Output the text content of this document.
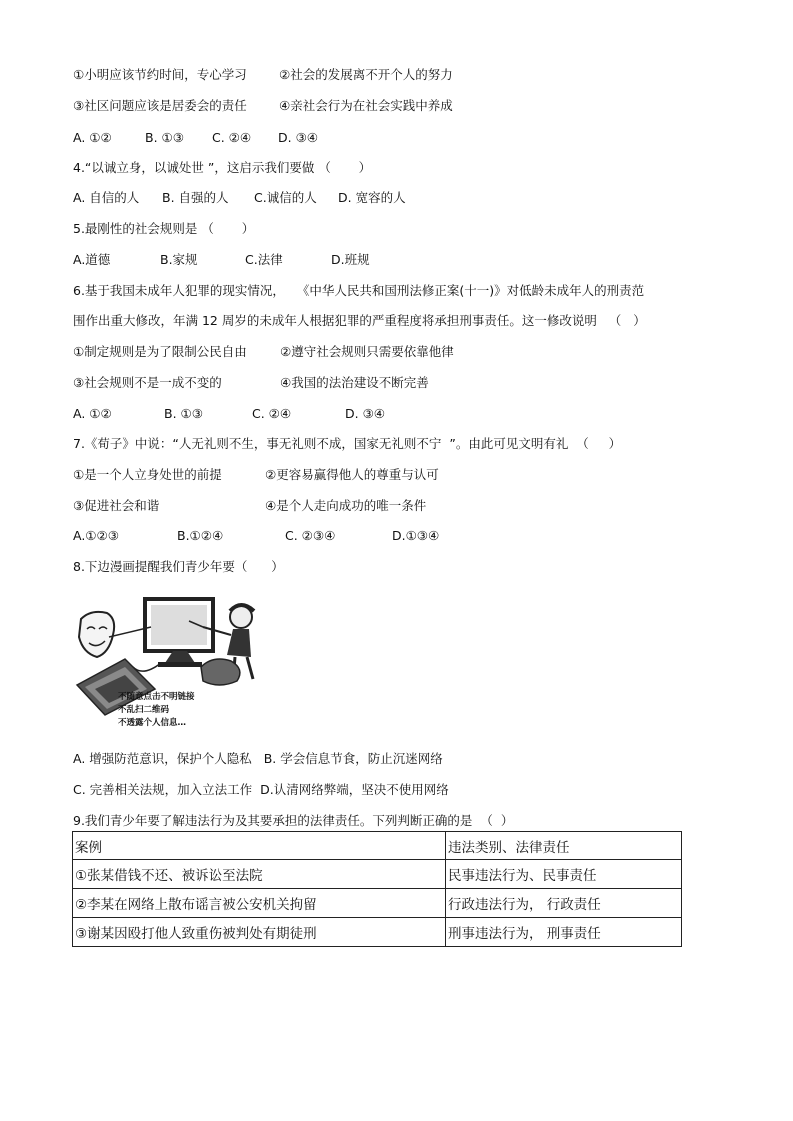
①小明应该节约时间，专心学习	②社会的发展离不开个人的努力
③社区问题应该是居委会的责任	④亲社会行为在社会实践中养成
A. ①②	B. ①③ C. ②④ D. ③④
4.“以诚立身，以诚处世 ”，这启示我们要做 （       ）
A. 自信的人 B. 自强的人 C.诚信的人 D. 宽容的人
5.最刚性的社会规则是 （       ）
A.道德	B.家规	C.法律	D.班规
6.基于我国未成年人犯罪的现实情况，   《中华人民共和国刑法修正案(十一)》对低龄未成年人的刑责范
围作出重大修改，年满 12 周岁的未成年人根据犯罪的严重程度将承担刑事责任。这一修改说明   （   ）
①制定规则是为了限制公民自由	②遵守社会规则只需要依靠他律
③社会规则不是一成不变的	④我国的法治建设不断完善
A. ①②	B. ①③	C. ②④	D. ③④
7.《荀子》中说：“人无礼则不生，事无礼则不成，国家无礼则不宁  ”。由此可见文明有礼  （     ）
①是一个人立身处世的前提	②更容易赢得他人的尊重与认可
③促进社会和谐	④是个人走向成功的唯一条件
A.①②③	B.①②④	C. ②③④	D.①③④
8.下边漫画提醒我们青少年要（      ）
不随意点击不明链接
不乱扫二维码
不透露个人信息…
A. 增强防范意识，保护个人隐私   B. 学会信息节食，防止沉迷网络
C. 完善相关法规，加入立法工作  D.认清网络弊端，坚决不使用网络
9.我们青少年要了解违法行为及其要承担的法律责任。下列判断正确的是  （  ）
案例	违法类别、法律责任
①张某借钱不还、被诉讼至法院	民事违法行为、民事责任
②李某在网络上散布谣言被公安机关拘留	行政违法行为， 行政责任
③谢某因殴打他人致重伤被判处有期徒刑	刑事违法行为， 刑事责任
